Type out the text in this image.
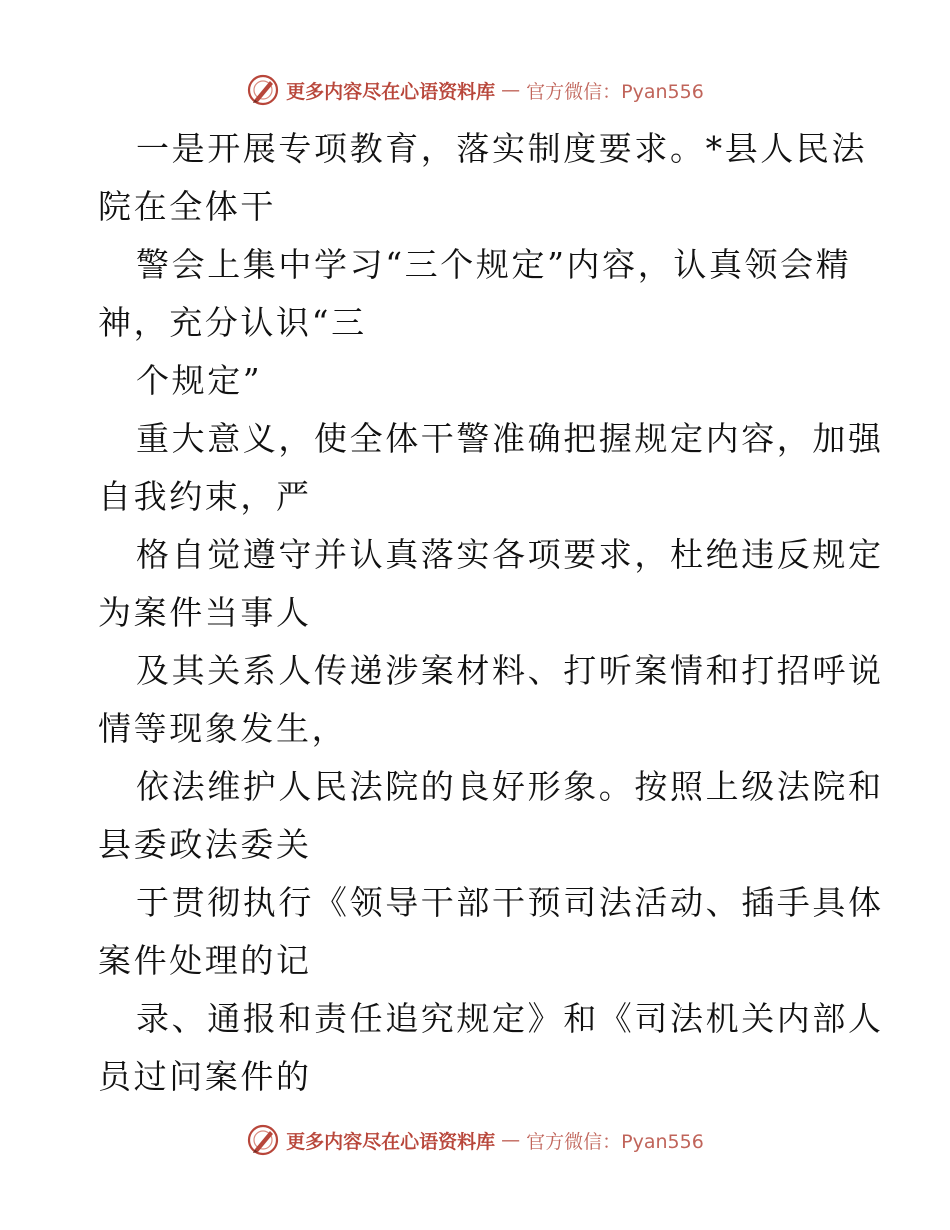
更多内容尽在心语资料库 — 官方微信：Pyan556
一是开展专项教育，落实制度要求。*县人民法
院在全体干
警会上集中学习“三个规定”内容，认真领会精
神，充分认识“三
个规定”
重大意义，使全体干警准确把握规定内容，加强
自我约束，严
格自觉遵守并认真落实各项要求，杜绝违反规定
为案件当事人
及其关系人传递涉案材料、打听案情和打招呼说
情等现象发生，
依法维护人民法院的良好形象。按照上级法院和
县委政法委关
于贯彻执行《领导干部干预司法活动、插手具体
案件处理的记
录、通报和责任追究规定》和《司法机关内部人
员过问案件的
更多内容尽在心语资料库 — 官方微信：Pyan556
